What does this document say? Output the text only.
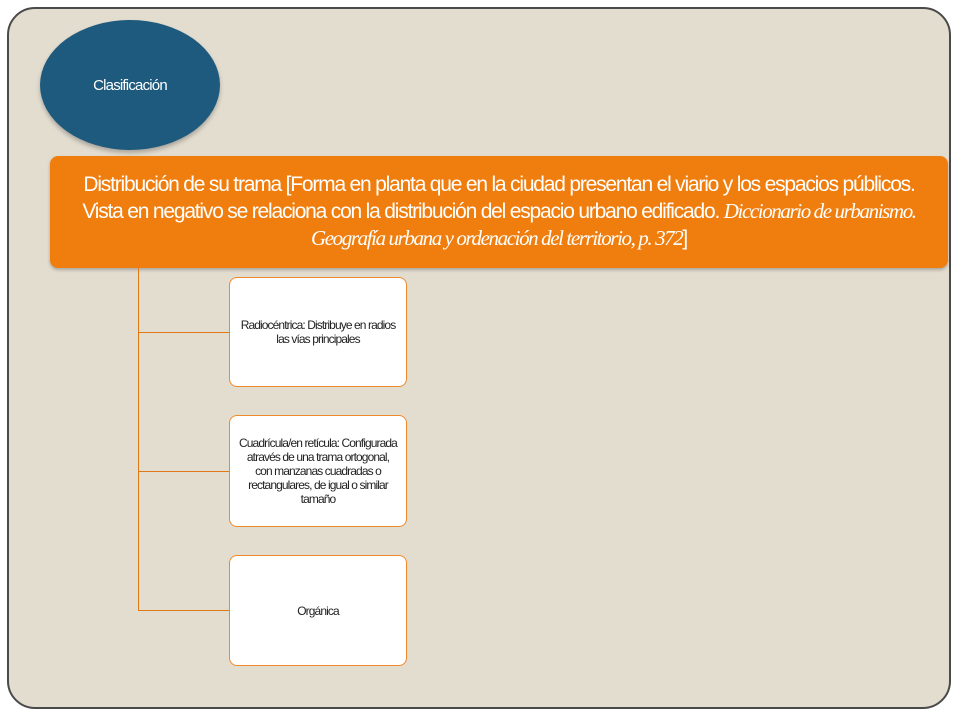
Clasificación
Distribución de su trama [Forma en planta que en la ciudad presentan el viario y los espacios públicos. Vista en negativo se relaciona con la distribución del espacio urbano edificado. Diccionario de urbanismo. Geografía urbana y ordenación del territorio, p. 372]
Radiocéntrica: Distribuye en radios las vías principales
Cuadrícula/en retícula: Configurada através de una trama ortogonal, con manzanas cuadradas o rectangulares, de igual o similar tamaño
Orgánica
